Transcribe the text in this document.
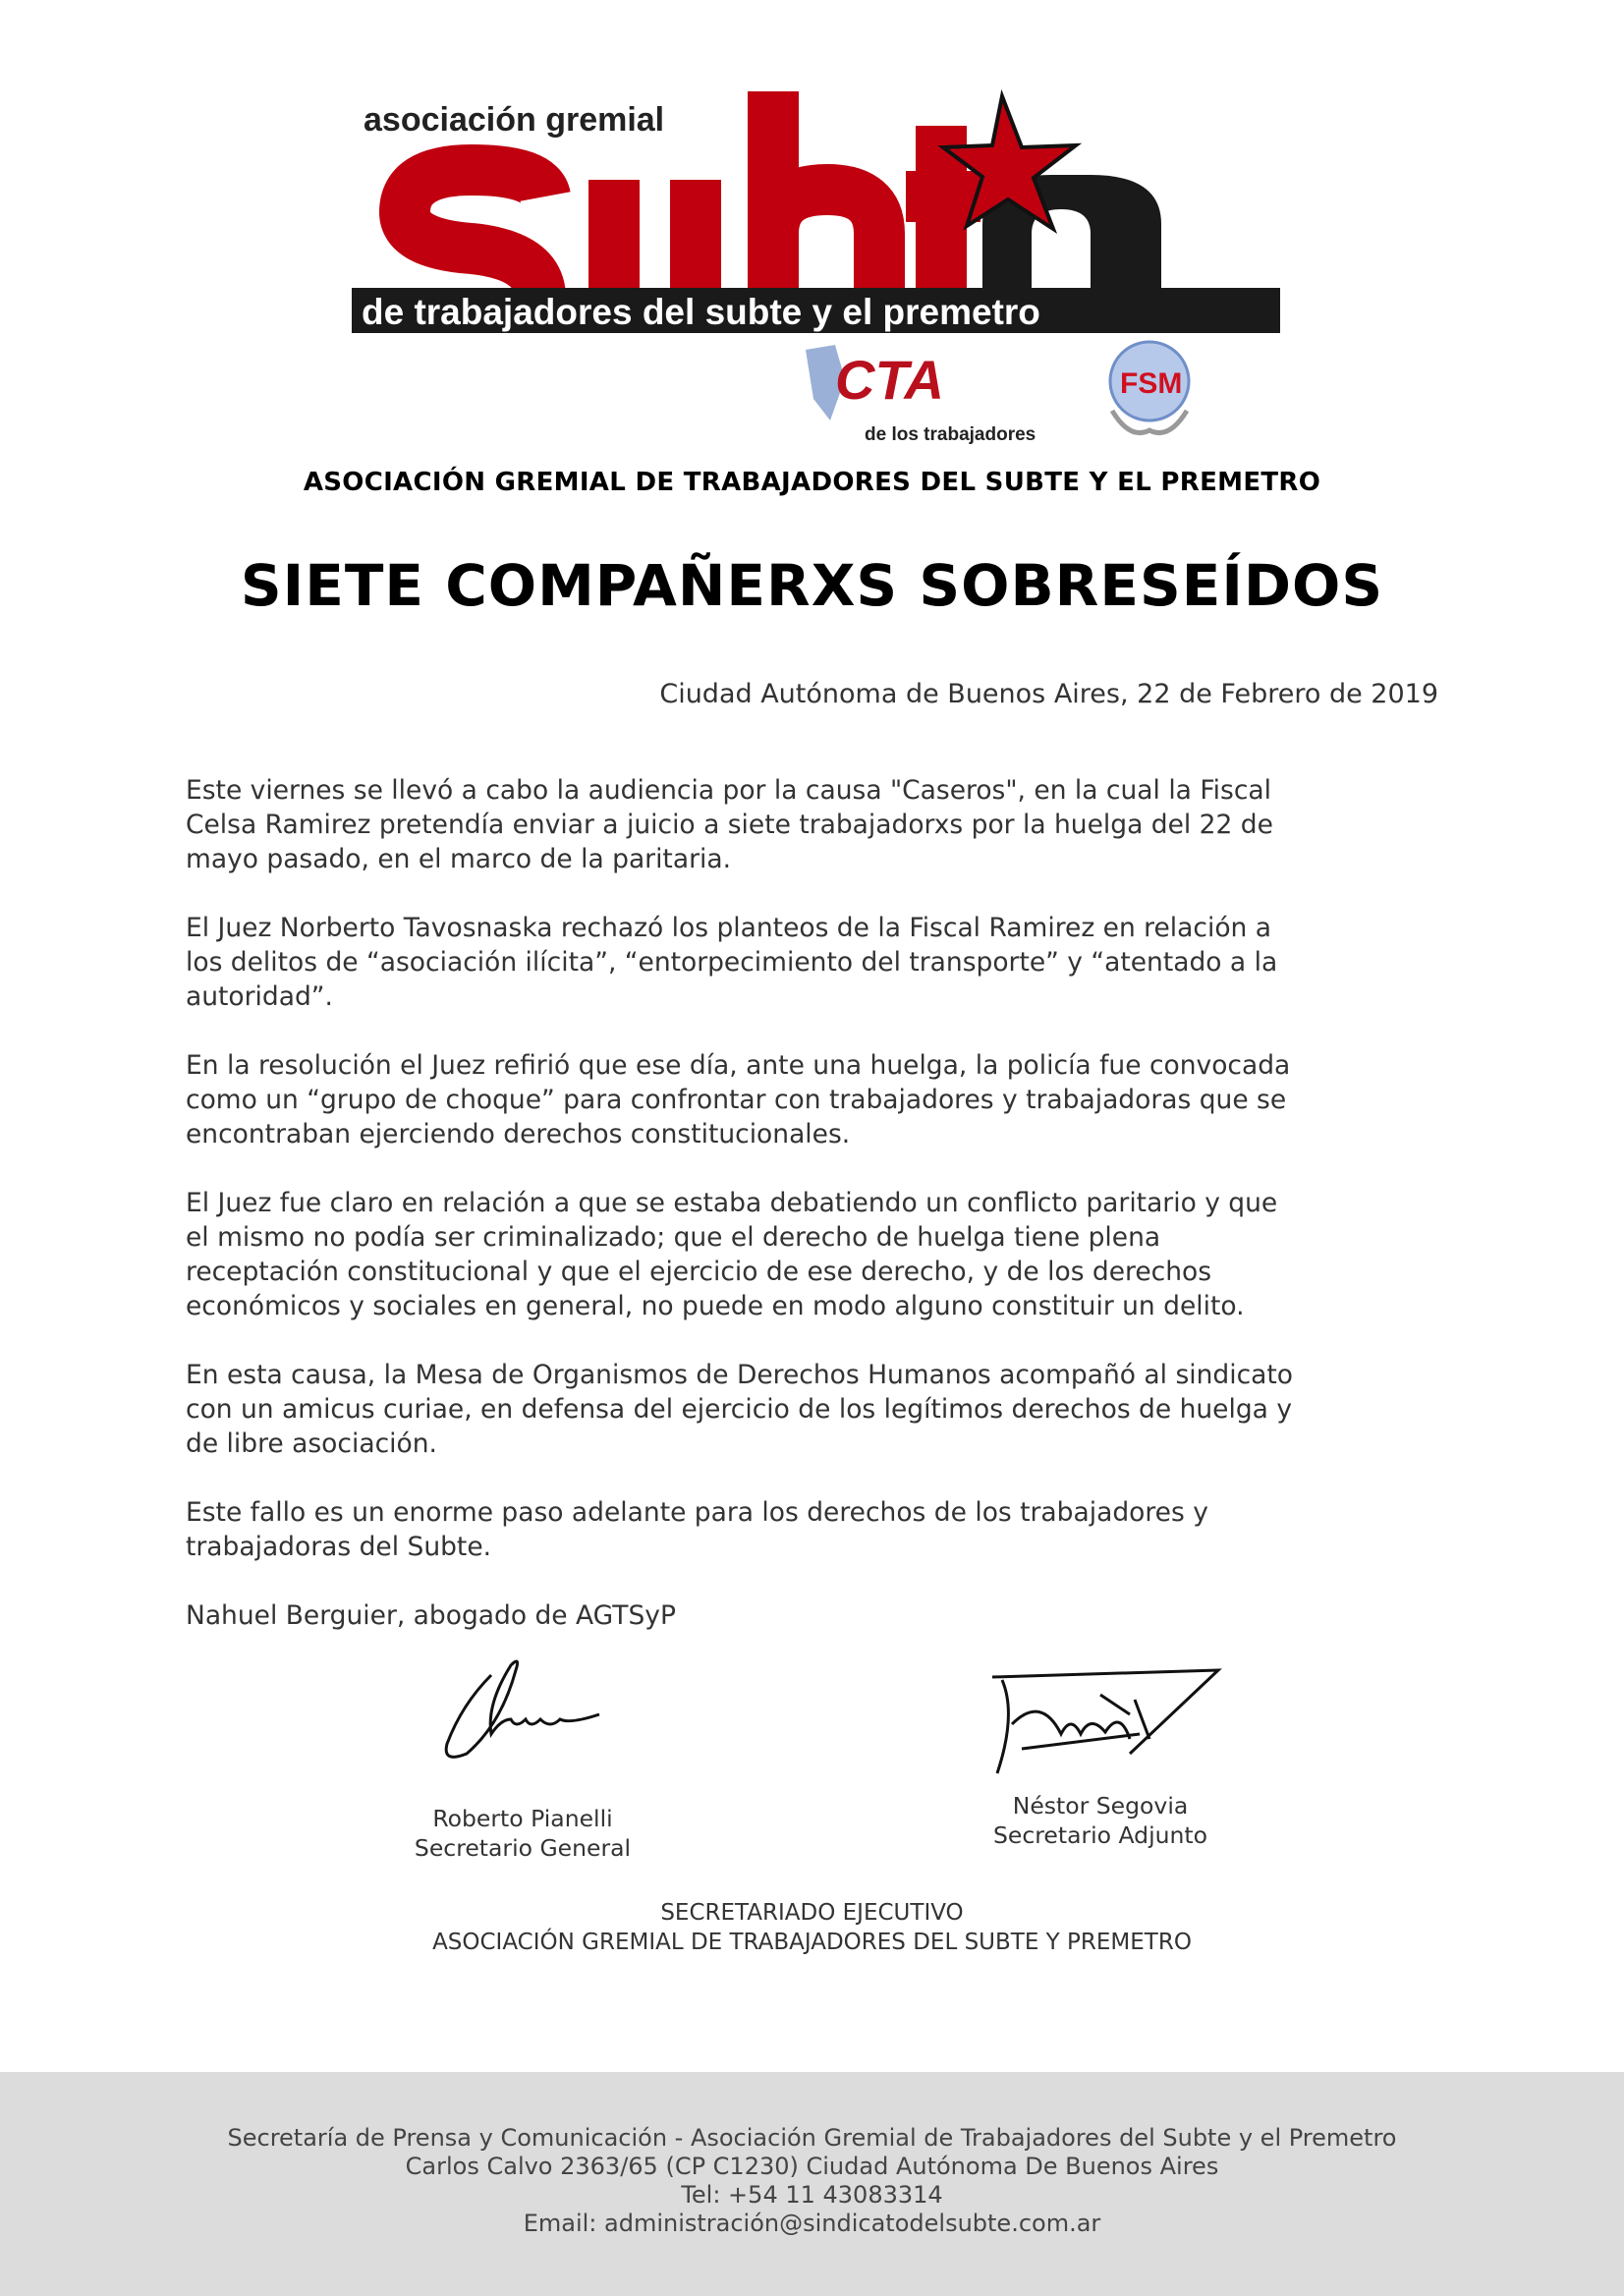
asociación gremial
de trabajadores del subte y el premetro
CTA
de los trabajadores
FSM
ASOCIACIÓN GREMIAL DE TRABAJADORES DEL SUBTE Y EL PREMETRO
SIETE COMPAÑERXS SOBRESEÍDOS
Ciudad Autónoma de Buenos Aires, 22 de Febrero de 2019

Este viernes se llevó a cabo la audiencia por la causa "Caseros", en la cual la Fiscal
Celsa Ramirez pretendía enviar a juicio a siete trabajadorxs por la huelga del 22 de
mayo pasado, en el marco de la paritaria.

El Juez Norberto Tavosnaska rechazó los planteos de la Fiscal Ramirez en relación a
los delitos de “asociación ilícita”, “entorpecimiento del transporte” y “atentado a la
autoridad”.

En la resolución el Juez refirió que ese día, ante una huelga, la policía fue convocada
como un “grupo de choque” para confrontar con trabajadores y trabajadoras que se
encontraban ejerciendo derechos constitucionales.

El Juez fue claro en relación a que se estaba debatiendo un conflicto paritario y que
el mismo no podía ser criminalizado; que el derecho de huelga tiene plena
receptación constitucional y que el ejercicio de ese derecho, y de los derechos
económicos y sociales en general, no puede en modo alguno constituir un delito.

En esta causa, la Mesa de Organismos de Derechos Humanos acompañó al sindicato
con un amicus curiae, en defensa del ejercicio de los legítimos derechos de huelga y
de libre asociación.

Este fallo es un enorme paso adelante para los derechos de los trabajadores y
trabajadoras del Subte.

Nahuel Berguier, abogado de AGTSyP

Roberto Pianelli
Secretario General
Néstor Segovia
Secretario Adjunto
SECRETARIADO EJECUTIVO
ASOCIACIÓN GREMIAL DE TRABAJADORES DEL SUBTE Y PREMETRO
Secretaría de Prensa y Comunicación - Asociación Gremial de Trabajadores del Subte y el Premetro
Carlos Calvo 2363/65 (CP C1230) Ciudad Autónoma De Buenos Aires
Tel: +54 11 43083314
Email: administración@sindicatodelsubte.com.ar
